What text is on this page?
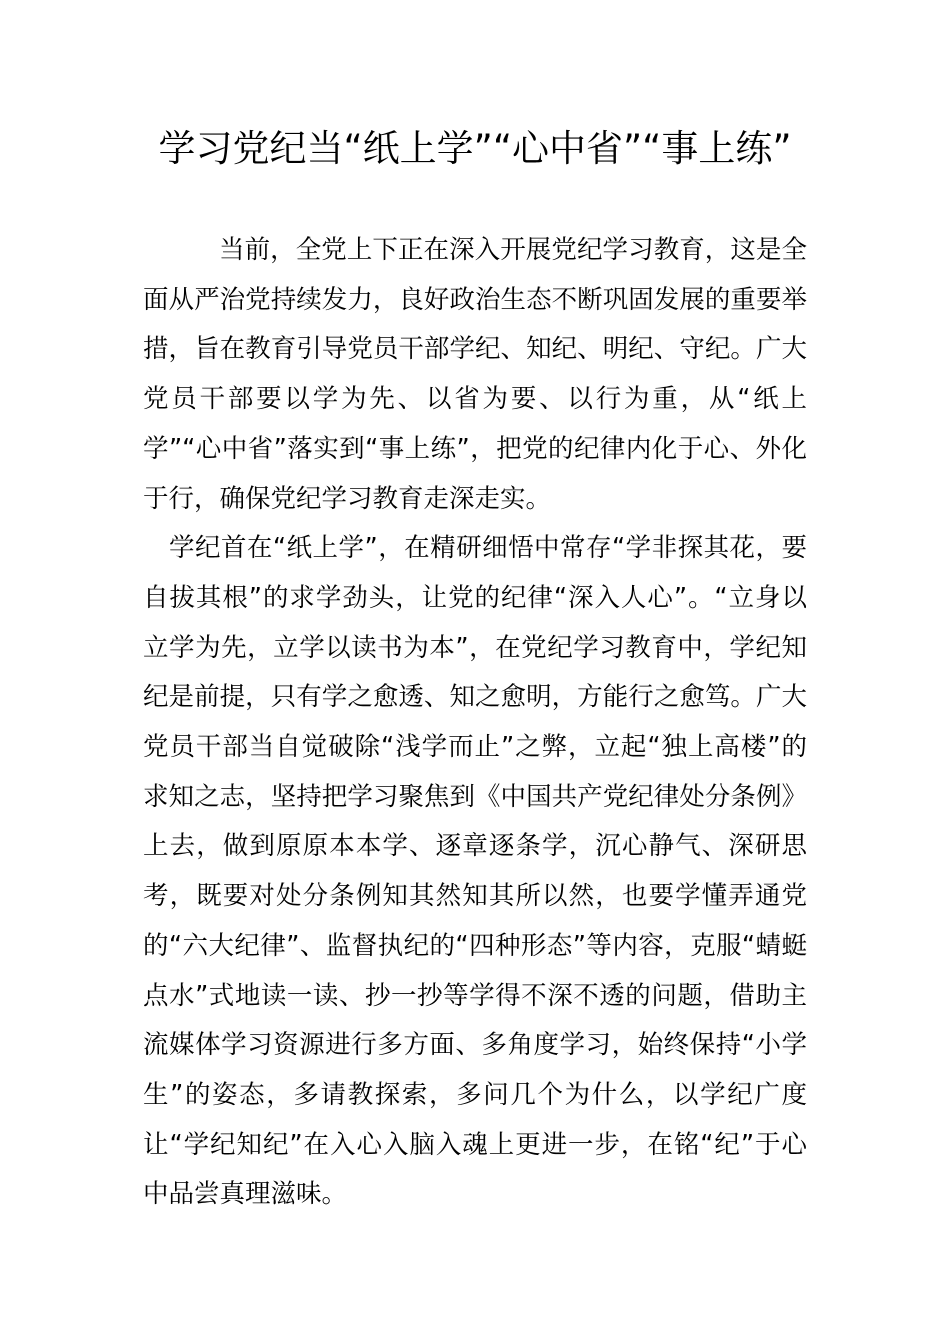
学习党纪当“纸上学”“心中省”“事上练”

当前，全党上下正在深入开展党纪学习教育，这是全面从严治党持续发力，良好政治生态不断巩固发展的重要举措，旨在教育引导党员干部学纪、知纪、明纪、守纪。广大党员干部要以学为先、以省为要、以行为重，从“纸上学”“心中省”落实到“事上练”，把党的纪律内化于心、外化于行，确保党纪学习教育走深走实。

学纪首在“纸上学”，在精研细悟中常存“学非探其花，要自拔其根”的求学劲头，让党的纪律“深入人心”。“立身以立学为先，立学以读书为本”，在党纪学习教育中，学纪知纪是前提，只有学之愈透、知之愈明，方能行之愈笃。广大党员干部当自觉破除“浅学而止”之弊，立起“独上高楼”的求知之志，坚持把学习聚焦到《中国共产党纪律处分条例》上去，做到原原本本学、逐章逐条学，沉心静气、深研思考，既要对处分条例知其然知其所以然，也要学懂弄通党的“六大纪律”、监督执纪的“四种形态”等内容，克服“蜻蜓点水”式地读一读、抄一抄等学得不深不透的问题，借助主流媒体学习资源进行多方面、多角度学习，始终保持“小学生”的姿态，多请教探索，多问几个为什么，以学纪广度让“学纪知纪”在入心入脑入魂上更进一步，在铭“纪”于心中品尝真理滋味。
